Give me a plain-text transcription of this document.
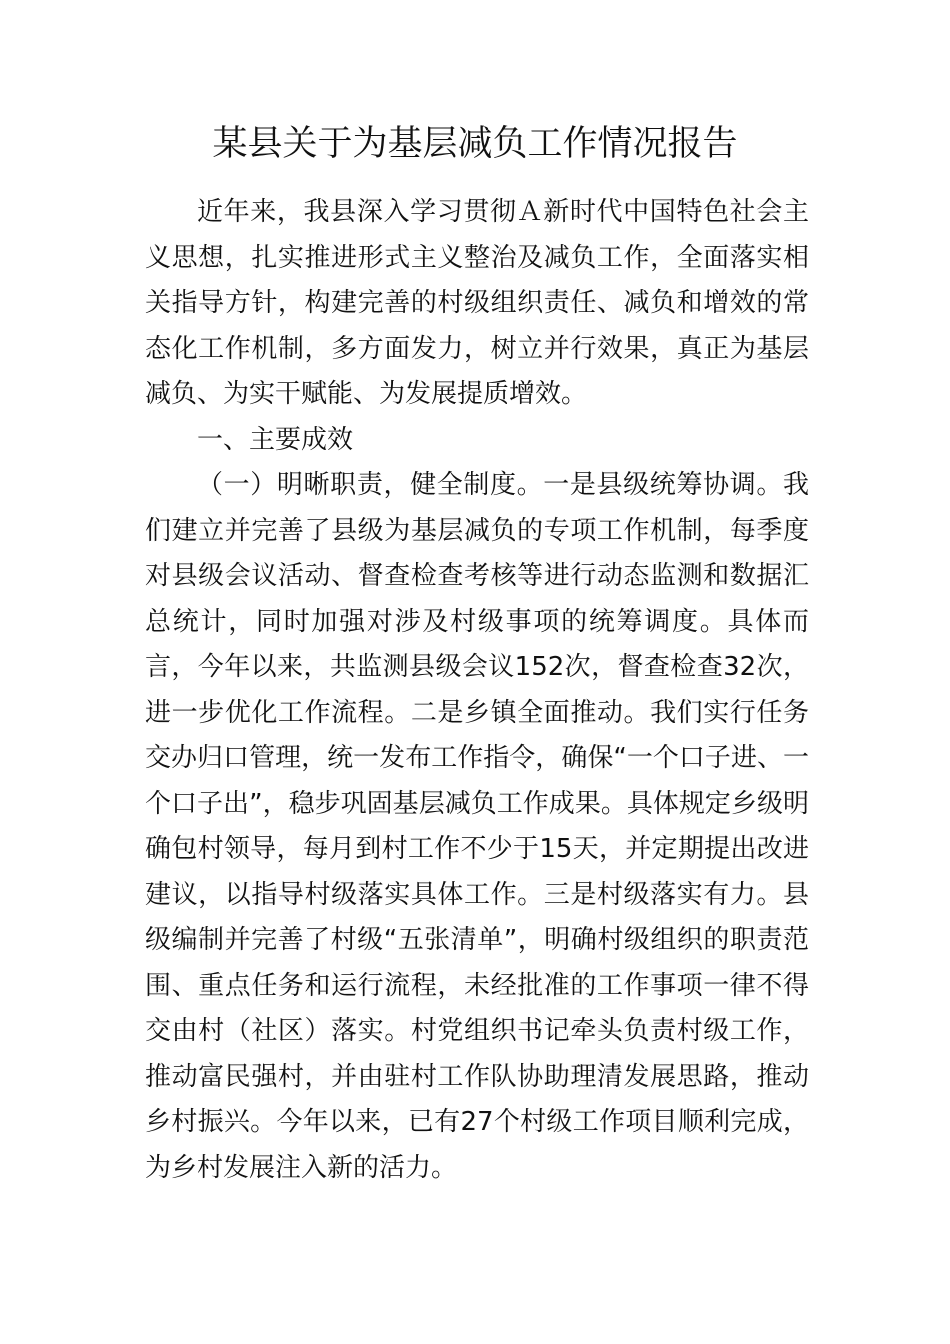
某县关于为基层减负工作情况报告

近年来，我县深入学习贯彻Ａ新时代中国特色社会主义思想，扎实推进形式主义整治及减负工作，全面落实相关指导方针，构建完善的村级组织责任、减负和增效的常态化工作机制，多方面发力，树立并行效果，真正为基层减负、为实干赋能、为发展提质增效。

一、主要成效

（一）明晰职责，健全制度。一是县级统筹协调。我们建立并完善了县级为基层减负的专项工作机制，每季度对县级会议活动、督查检查考核等进行动态监测和数据汇总统计，同时加强对涉及村级事项的统筹调度。具体而言，今年以来，共监测县级会议152次，督查检查32次，进一步优化工作流程。二是乡镇全面推动。我们实行任务交办归口管理，统一发布工作指令，确保“一个口子进、一个口子出”，稳步巩固基层减负工作成果。具体规定乡级明确包村领导，每月到村工作不少于15天，并定期提出改进建议，以指导村级落实具体工作。三是村级落实有力。县级编制并完善了村级“五张清单”，明确村级组织的职责范围、重点任务和运行流程，未经批准的工作事项一律不得交由村（社区）落实。村党组织书记牵头负责村级工作，推动富民强村，并由驻村工作队协助理清发展思路，推动乡村振兴。今年以来，已有27个村级工作项目顺利完成，为乡村发展注入新的活力。
